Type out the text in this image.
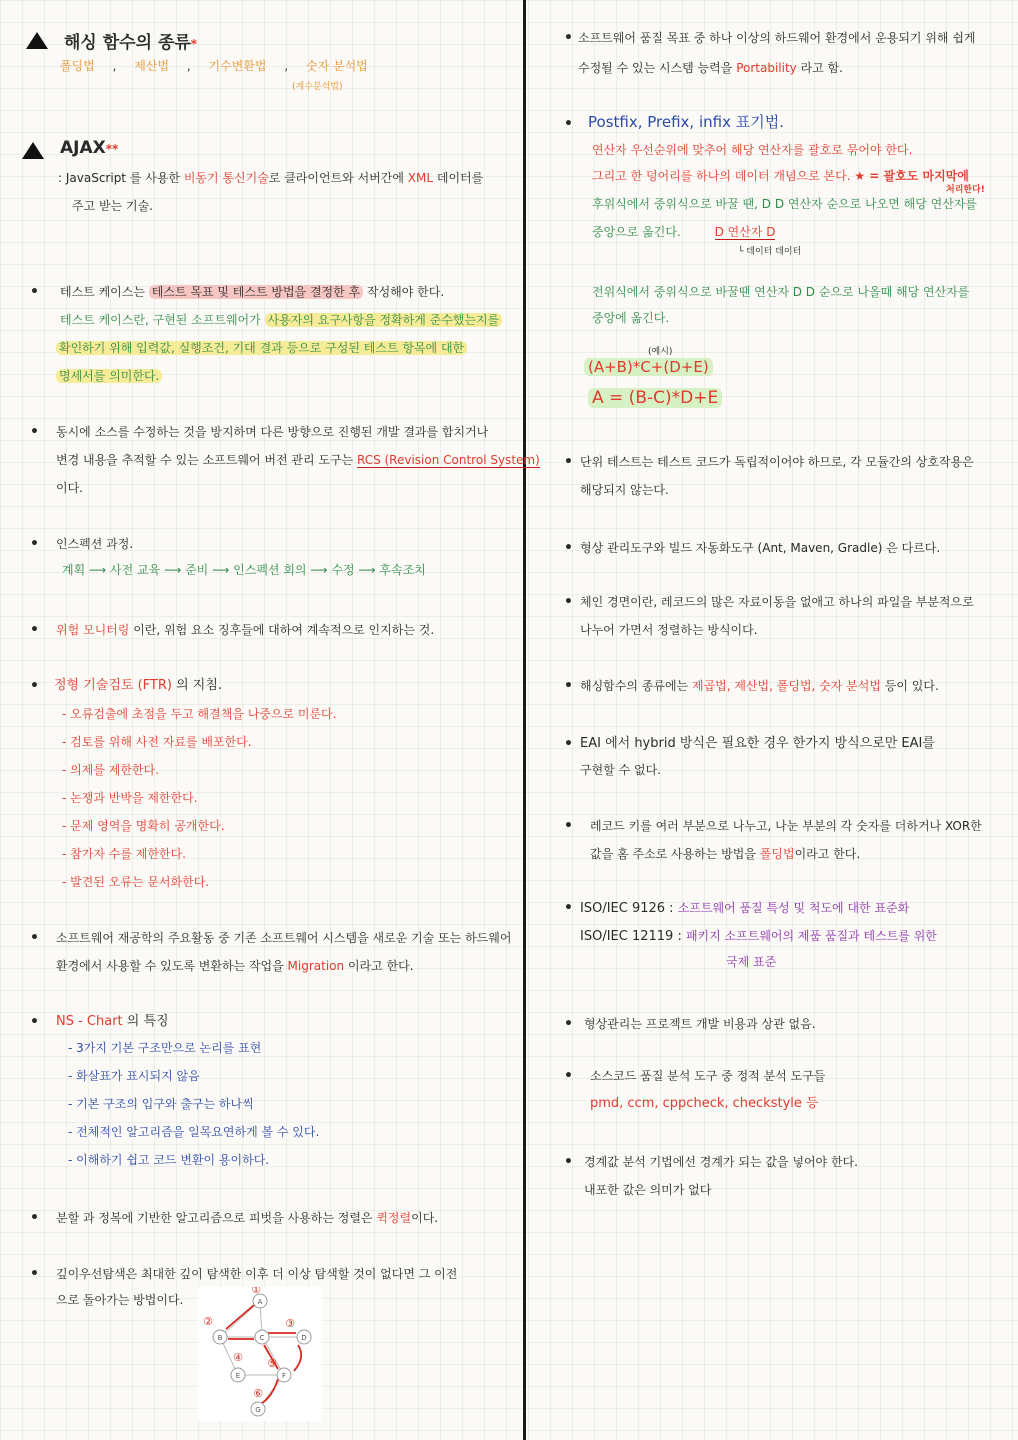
해싱 함수의 종류*
폴딩법 , 제산법 , 기수변환법 , 숫자 분석법
(계수분석법)
AJAX**
: JavaScript 를 사용한 비동기 통신기술로 클라이언트와 서버간에 XML 데이터를
주고 받는 기술.
• 테스트 케이스는 테스트 목표 및 테스트 방법을 결정한 후 작성해야 한다.
테스트 케이스란, 구현된 소프트웨어가 사용자의 요구사항을 정확하게 준수했는지를
확인하기 위해 입력값, 실행조건, 기대 결과 등으로 구성된 테스트 항목에 대한
명세서를 의미한다.
• 동시에 소스를 수정하는 것을 방지하며 다른 방향으로 진행된 개발 결과를 합치거나
변경 내용을 추적할 수 있는 소프트웨어 버전 관리 도구는 RCS (Revision Control System)
이다.
• 인스펙션 과정.
계획 ⟶ 사전 교육 ⟶ 준비 ⟶ 인스펙션 회의 ⟶ 수정 ⟶ 후속조치
• 위험 모니터링 이란, 위험 요소 징후들에 대하여 계속적으로 인지하는 것.
• 정형 기술검토 (FTR) 의 지침.
- 오류검출에 초점을 두고 해결책을 나중으로 미룬다.
- 검토를 위해 사전 자료를 배포한다.
- 의제를 제한한다.
- 논쟁과 반박을 제한한다.
- 문제 영역을 명확히 공개한다.
- 참가자 수를 제한한다.
- 발견된 오류는 문서화한다.
• 소프트웨어 재공학의 주요활동 중 기존 소프트웨어 시스템을 새로운 기술 또는 하드웨어
환경에서 사용할 수 있도록 변환하는 작업을 Migration 이라고 한다.
• NS - Chart 의 특징
- 3가지 기본 구조만으로 논리를 표현
- 화살표가 표시되지 않음
- 기본 구조의 입구와 출구는 하나씩
- 전체적인 알고리즘을 일목요연하게 볼 수 있다.
- 이해하기 쉽고 코드 변환이 용이하다.
• 분할 과 정복에 기반한 알고리즘으로 피벗을 사용하는 정렬은 퀵정렬이다.
• 깊이우선탐색은 최대한 깊이 탐색한 이후 더 이상 탐색할 것이 없다면 그 이전
으로 돌아가는 방법이다.	A
B	C	D
E	F
G
①
②	③
④ ⑤
⑥
• 소프트웨어 품질 목표 중 하나 이상의 하드웨어 환경에서 운용되기 위해 쉽게
수정될 수 있는 시스템 능력을 Portability 라고 함.
• Postfix, Prefix, infix 표기법.
연산자 우선순위에 맞추어 해당 연산자를 괄호로 묶어야 한다.
그리고 한 덩어리를 하나의 데이터 개념으로 본다. ★ = 괄호도 마지막에
처리한다!
후위식에서 중위식으로 바꿀 땐, D D 연산자 순으로 나오면 해당 연산자를
중앙으로 옮긴다.	D 연산자 D
└ 데이터 데이터
전위식에서 중위식으로 바꿀땐 연산자 D D 순으로 나올때 해당 연산자를
중앙에 옮긴다.
(예시)
(A+B)*C+(D+E)
A = (B-C)*D+E
• 단위 테스트는 테스트 코드가 독립적이어야 하므로, 각 모듈간의 상호작용은
해당되지 않는다.
• 형상 관리도구와 빌드 자동화도구 (Ant, Maven, Gradle) 은 다르다.
• 체인 경면이란, 레코드의 많은 자료이동을 없애고 하나의 파일을 부분적으로
나누어 가면서 정렬하는 방식이다.
• 해싱함수의 종류에는 제곱법, 제산법, 폴딩법, 숫자 분석법 등이 있다.
• EAI 에서 hybrid 방식은 필요한 경우 한가지 방식으로만 EAI를
구현할 수 없다.
• 레코드 키를 여러 부분으로 나누고, 나눈 부분의 각 숫자를 더하거나 XOR한
값을 홈 주소로 사용하는 방법을 폴딩법이라고 한다.
• ISO/IEC 9126 : 소프트웨어 품질 특성 및 척도에 대한 표준화
ISO/IEC 12119 : 패키지 소프트웨어의 제품 품질과 테스트를 위한
국제 표준
• 형상관리는 프로젝트 개발 비용과 상관 없음.
• 소스코드 품질 분석 도구 중 정적 분석 도구들
pmd, ccm, cppcheck, checkstyle 등
• 경계값 분석 기법에선 경계가 되는 값을 넣어야 한다.
내포한 값은 의미가 없다
